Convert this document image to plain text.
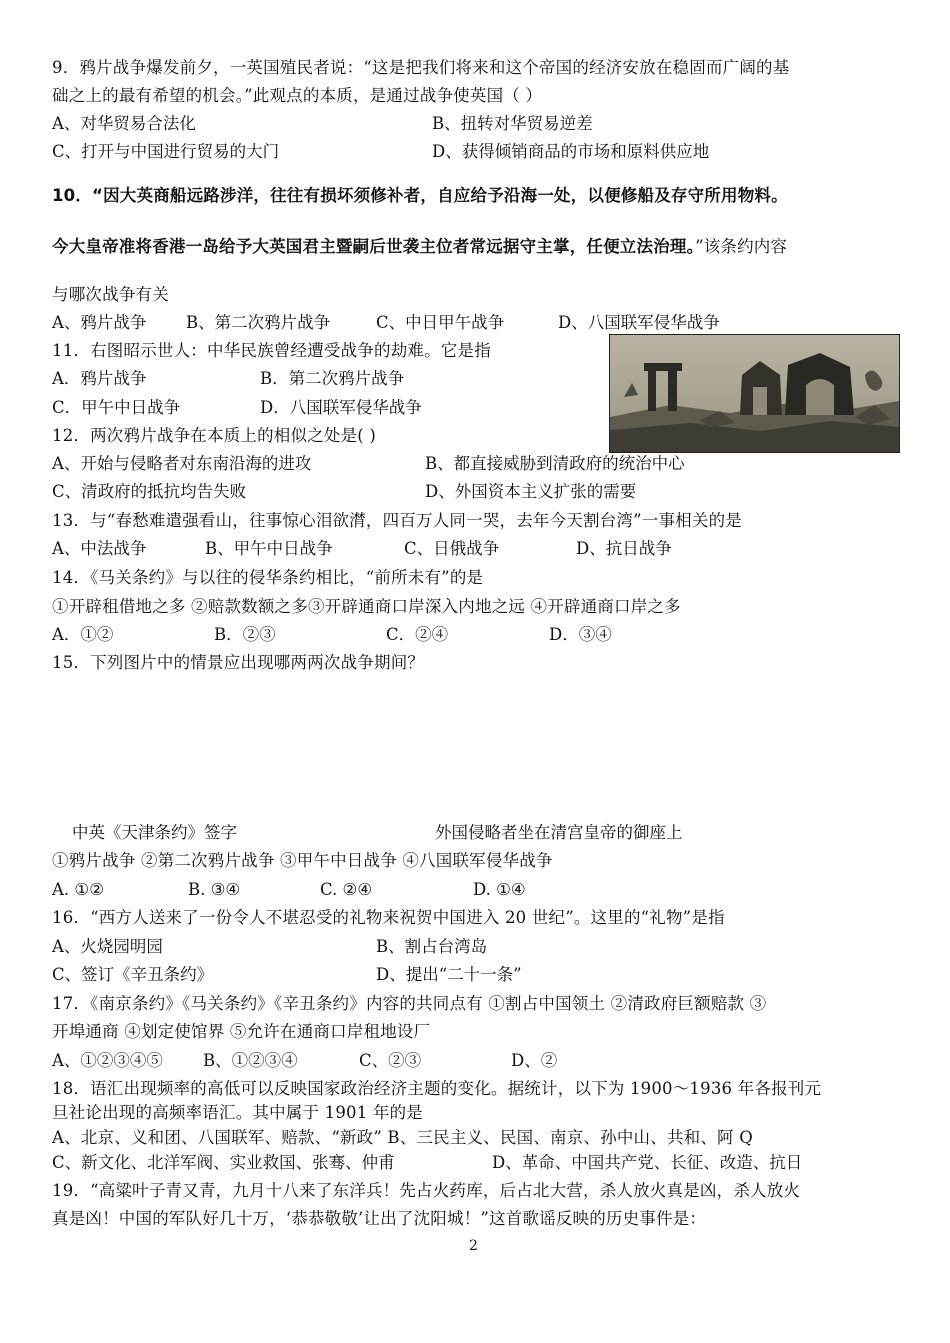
9．鸦片战争爆发前夕，一英国殖民者说：“这是把我们将来和这个帝国的经济安放在稳固而广阔的基
础之上的最有希望的机会。”此观点的本质，是通过战争使英国（ ）
A、对华贸易合法化	B、扭转对华贸易逆差
C、打开与中国进行贸易的大门	D、获得倾销商品的市场和原料供应地
10．“因大英商船远路涉洋，往往有损坏须修补者，自应给予沿海一处，以便修船及存守所用物料。
今大皇帝准将香港一岛给予大英国君主暨嗣后世袭主位者常远据守主掌，任便立法治理。”该条约内容
与哪次战争有关
A、鸦片战争 B、第二次鸦片战争	C、中日甲午战争	D、八国联军侵华战争
11．右图昭示世人：中华民族曾经遭受战争的劫难。它是指
A．鸦片战争	B．第二次鸦片战争
C．甲午中日战争	D．八国联军侵华战争
12．两次鸦片战争在本质上的相似之处是( )
A、开始与侵略者对东南沿海的进攻	B、都直接威胁到清政府的统治中心
C、清政府的抵抗均告失败	D、外国资本主义扩张的需要
13．与“春愁难遣强看山，往事惊心泪欲潸，四百万人同一哭，去年今天割台湾”一事相关的是
A、中法战争	B、甲午中日战争	C、日俄战争	D、抗日战争
14．《马关条约》与以往的侵华条约相比，“前所未有”的是
①开辟租借地之多 ②赔款数额之多③开辟通商口岸深入内地之远 ④开辟通商口岸之多
A．①②	B．②③	C．②④	D．③④
15．下列图片中的情景应出现哪两两次战争期间？
中英《天津条约》签字	外国侵略者坐在清宫皇帝的御座上
①鸦片战争 ②第二次鸦片战争 ③甲午中日战争 ④八国联军侵华战争
A. ①②	B. ③④	C. ②④	D. ①④
16．“西方人送来了一份令人不堪忍受的礼物来祝贺中国进入 20 世纪”。这里的“礼物”是指
A、火烧园明园	B、割占台湾岛
C、签订《辛丑条约》	D、提出“二十一条”
17．《南京条约》《马关条约》《辛丑条约》内容的共同点有 ①割占中国领土 ②清政府巨额赔款 ③
开埠通商 ④划定使馆界 ⑤允许在通商口岸租地设厂
A、①②③④⑤ B、①②③④	C、②③	D、②
18．语汇出现频率的高低可以反映国家政治经济主题的变化。据统计，以下为 1900～1936 年各报刊元
旦社论出现的高频率语汇。其中属于 1901 年的是
A、北京、义和团、八国联军、赔款、“新政” B、三民主义、民国、南京、孙中山、共和、阿 Q
C、新文化、北洋军阀、实业救国、张骞、仲甫	D、革命、中国共产党、长征、改造、抗日
19．“高粱叶子青又青，九月十八来了东洋兵！先占火药库，后占北大营，杀人放火真是凶，杀人放火
真是凶！中国的军队好几十万，‘恭恭敬敬’让出了沈阳城！”这首歌谣反映的历史事件是：
2
